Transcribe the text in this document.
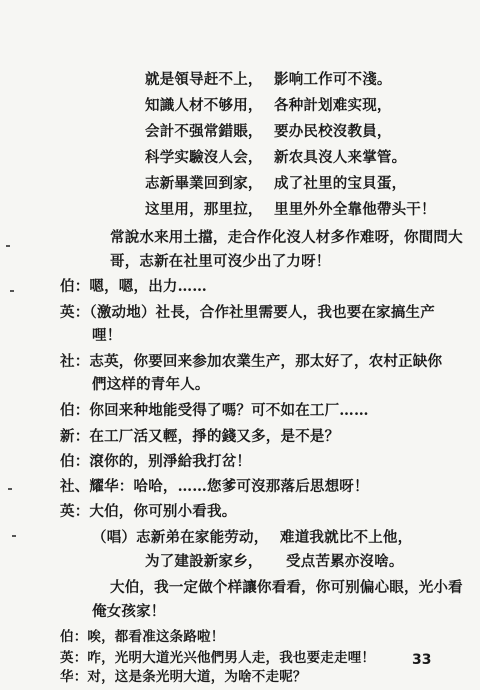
就是領导赶不上， 影响工作可不淺。
知識人材不够用， 各种計划难实现，
会計不强常錯賬， 要办民校沒教員，
科学实驗沒人会， 新农具沒人来掌管。
志新畢業回到家， 成了社里的宝貝蛋，
这里用，那里拉， 里里外外全靠他帶头干！
常說水来用土擋，走合作化沒人材多作难呀，你間問大
哥，志新在社里可沒少出了力呀！
伯：嗯，嗯，出力……
英：（激动地）社長，合作社里需要人，我也要在家搞生产
哩！
社：志英，你要回来参加农業生产，那太好了，农村正缺你
們这样的青年人。
伯：你回来种地能受得了嗎？可不如在工厂……
新：在工厂活又輕，掙的錢又多，是不是？
伯：滾你的，别淨給我打岔！
社、耀华：哈哈，……您爹可沒那落后思想呀！
英：大伯，你可别小看我。
（唱）志新弟在家能劳动， 难道我就比不上他，
为了建設新家乡， 受点苦累亦沒啥。
大伯，我一定做个样讓你看看，你可别偏心眼，光小看
俺女孩家！
伯：唉，都看准这条路啦！
英：咋，光明大道光兴他們男人走，我也要走走哩！
华：对，这是条光明大道，为啥不走呢？
33
